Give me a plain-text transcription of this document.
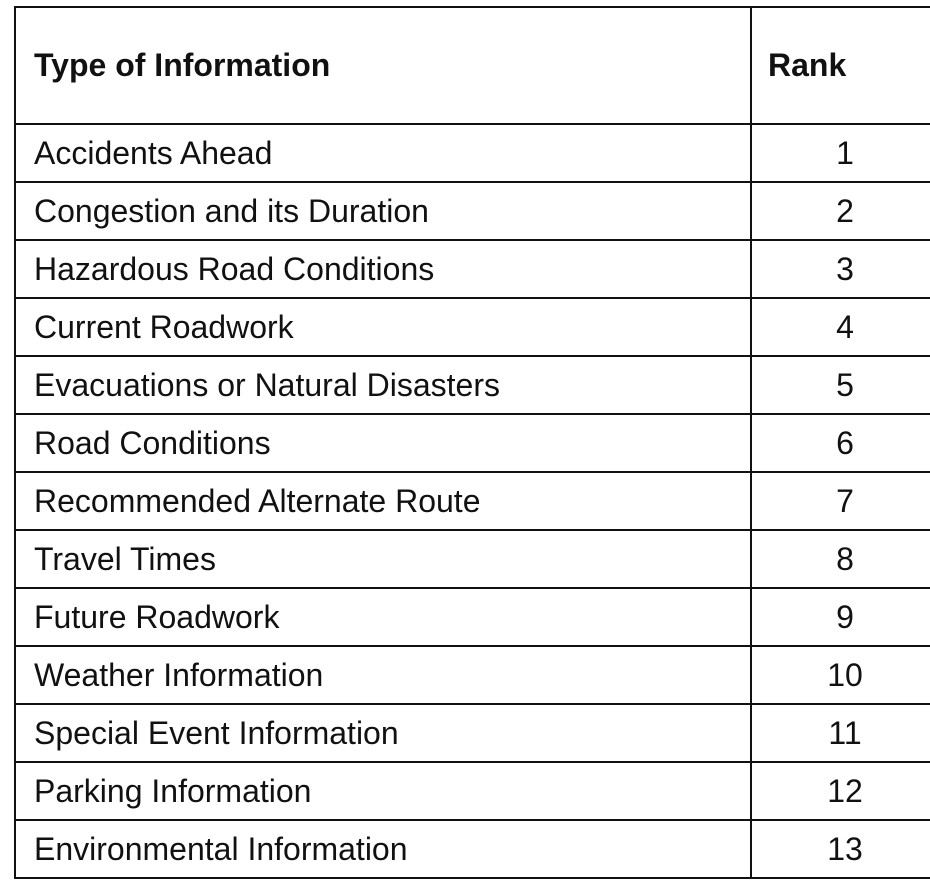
Type of Information	Rank
Accidents Ahead	1
Congestion and its Duration	2
Hazardous Road Conditions	3
Current Roadwork	4
Evacuations or Natural Disasters	5
Road Conditions	6
Recommended Alternate Route	7
Travel Times	8
Future Roadwork	9
Weather Information	10
Special Event Information	11
Parking Information	12
Environmental Information	13
